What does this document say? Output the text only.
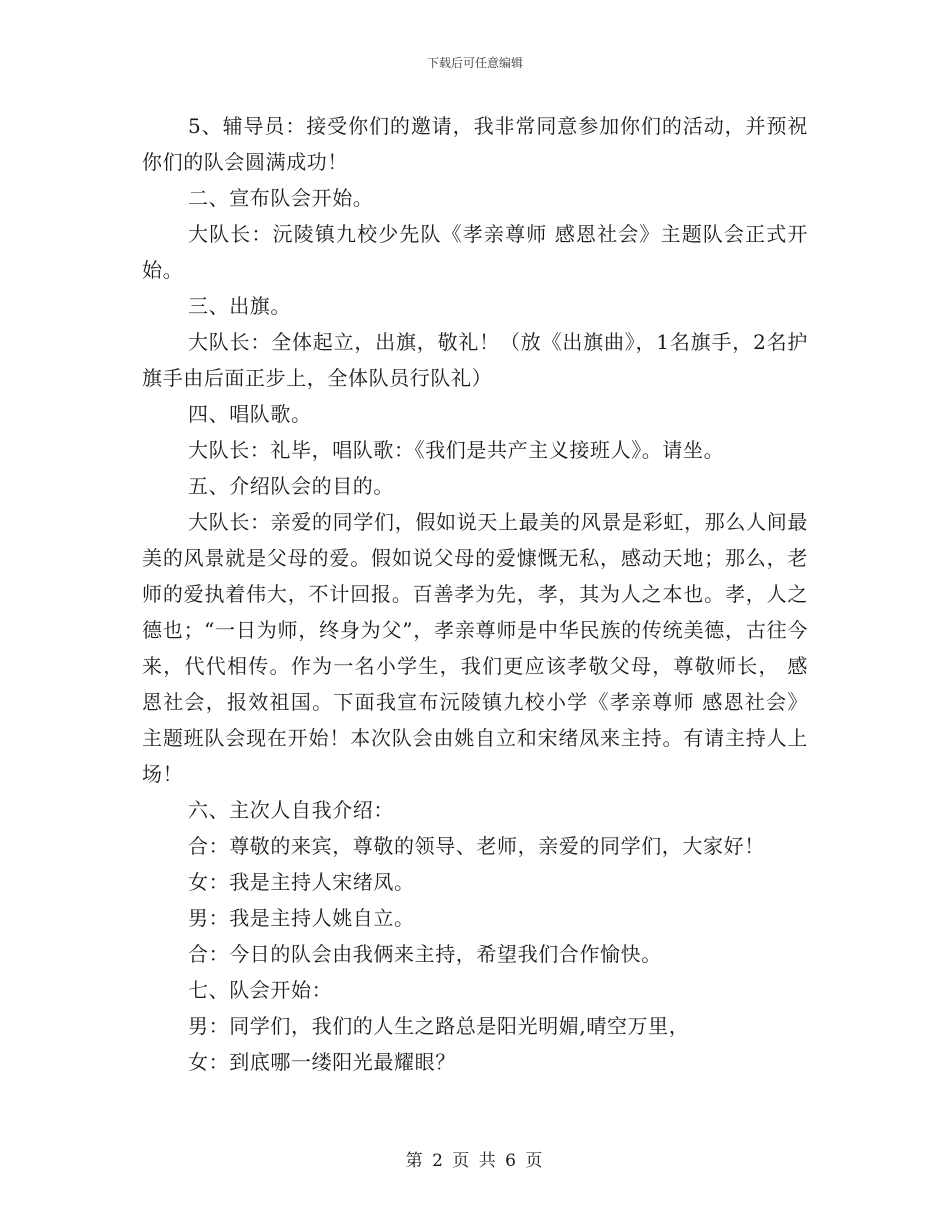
下载后可任意编辑

5、辅导员：接受你们的邀请，我非常同意参加你们的活动，并预祝你们的队会圆满成功！

二、宣布队会开始。

大队长：沅陵镇九校少先队《孝亲尊师 感恩社会》主题队会正式开始。

三、出旗。

大队长：全体起立，出旗，敬礼！（放《出旗曲》，1名旗手，2名护旗手由后面正步上，全体队员行队礼）

四、唱队歌。

大队长：礼毕，唱队歌：《我们是共产主义接班人》。请坐。

五、介绍队会的目的。

大队长：亲爱的同学们，假如说天上最美的风景是彩虹，那么人间最美的风景就是父母的爱。假如说父母的爱慷慨无私，感动天地；那么，老师的爱执着伟大，不计回报。百善孝为先，孝，其为人之本也。孝，人之德也；“一日为师，终身为父”，孝亲尊师是中华民族的传统美德，古往今来，代代相传。作为一名小学生，我们更应该孝敬父母，尊敬师长， 感恩社会，报效祖国。下面我宣布沅陵镇九校小学《孝亲尊师 感恩社会》主题班队会现在开始！本次队会由姚自立和宋绪凤来主持。有请主持人上场！

六、主次人自我介绍：

合：尊敬的来宾，尊敬的领导、老师，亲爱的同学们，大家好！

女：我是主持人宋绪凤。

男：我是主持人姚自立。

合：今日的队会由我俩来主持，希望我们合作愉快。

七、队会开始：

男：同学们，我们的人生之路总是阳光明媚,晴空万里，

女：到底哪一缕阳光最耀眼？

第 2 页 共 6 页
